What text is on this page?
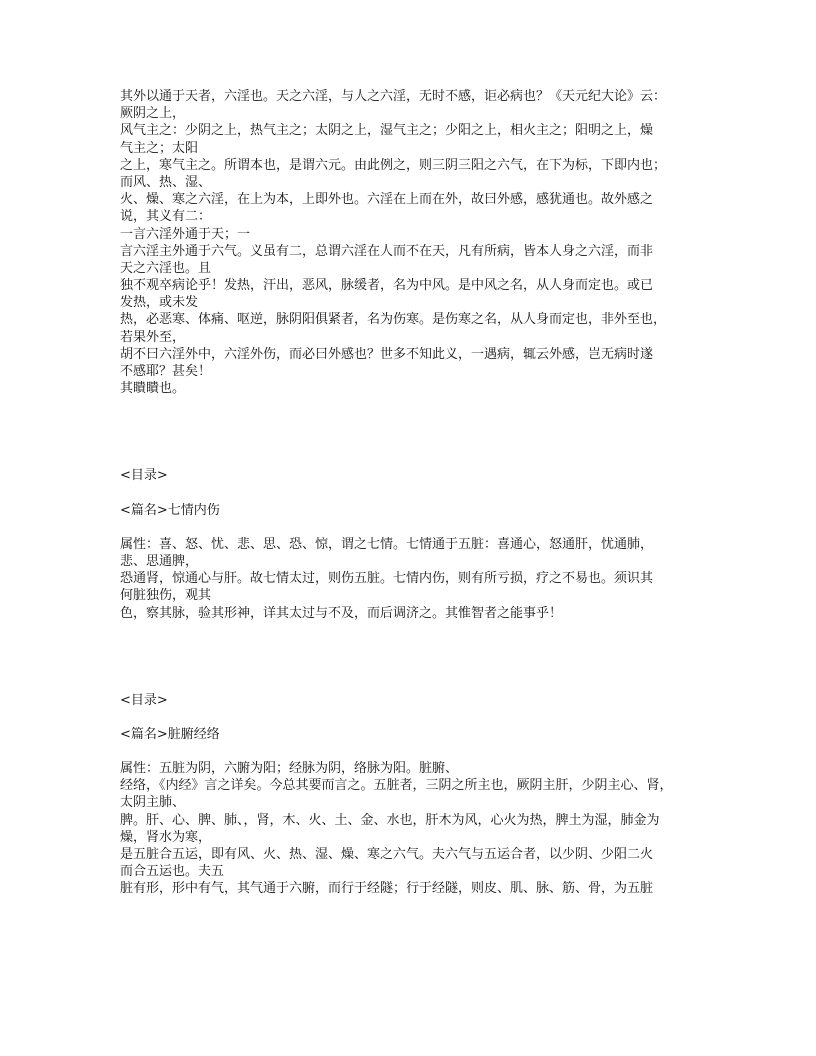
其外以通于天者，六淫也。天之六淫，与人之六淫，无时不感，讵必病也？《天元纪大论》云：
厥阴之上，
风气主之：少阴之上，热气主之；太阴之上，湿气主之；少阳之上，相火主之；阳明之上，燥
气主之；太阳
之上，寒气主之。所谓本也，是谓六元。由此例之，则三阴三阳之六气，在下为标，下即内也；
而风、热、湿、
火、燥、寒之六淫，在上为本，上即外也。六淫在上而在外，故曰外感，感犹通也。故外感之
说，其义有二：
一言六淫外通于天；一
言六淫主外通于六气。义虽有二，总谓六淫在人而不在天，凡有所病，皆本人身之六淫，而非
天之六淫也。且
独不观卒病论乎！发热，汗出，恶风，脉缓者，名为中风。是中风之名，从人身而定也。或已
发热，或未发
热，必恶寒、体痛、呕逆，脉阴阳俱紧者，名为伤寒。是伤寒之名，从人身而定也，非外至也，
若果外至，
胡不曰六淫外中，六淫外伤，而必曰外感也？世多不知此义，一遇病，辄云外感，岂无病时遂
不感耶？甚矣！
其瞶瞶也。
<目录>
<篇名>七情内伤
属性：喜、怒、忧、悲、思、恐、惊，谓之七情。七情通于五脏：喜通心，怒通肝，忧通肺，
悲、思通脾，
恐通肾，惊通心与肝。故七情太过，则伤五脏。七情内伤，则有所亏损，疗之不易也。须识其
何脏独伤，观其
色，察其脉，验其形神，详其太过与不及，而后调济之。其惟智者之能事乎！
<目录>
<篇名>脏腑经络
属性：五脏为阴，六腑为阳；经脉为阴，络脉为阳。脏腑、
经络，《内经》言之详矣。今总其要而言之。五脏者，三阴之所主也，厥阴主肝，少阴主心、肾，
太阴主肺、
脾。肝、心、脾、肺、，肾，木、火、土、金、水也，肝木为风，心火为热，脾土为湿，肺金为
燥，肾水为寒，
是五脏合五运，即有风、火、热、湿、燥、寒之六气。夫六气与五运合者，以少阴、少阳二火
而合五运也。夫五
脏有形，形中有气，其气通于六腑，而行于经隧；行于经隧，则皮、肌、脉、筋、骨，为五脏
